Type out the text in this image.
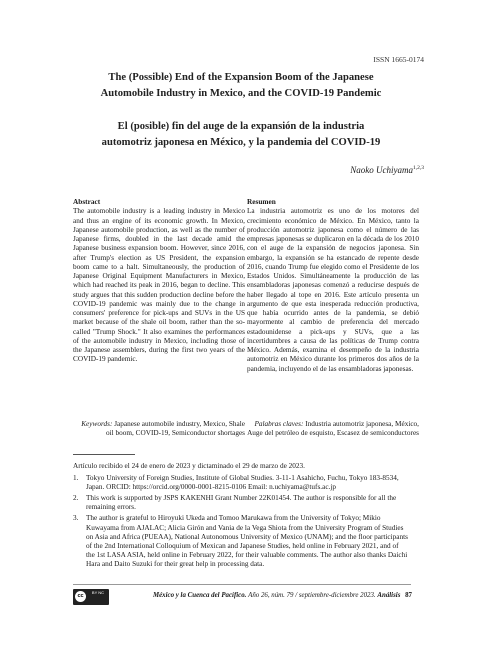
ISSN 1665-0174
The (Possible) End of the Expansion Boom of the Japanese
Automobile Industry in Mexico, and the COVID-19 Pandemic
El (posible) fin del auge de la expansión de la industria
automotriz japonesa en México, y la pandemia del COVID-19
Naoko Uchiyama$^{1,2,3}$
Abstract

The automobile industry is a leading industry in Mexico and thus an engine of its economic growth. In Mexico, Japanese automobile production, as well as the number of Japanese firms, doubled in the last decade amid the Japanese business expansion boom. However, since 2016, after Trump's election as US President, the expansion boom came to a halt. Simultaneously, the production of Japanese Original Equipment Manufacturers in Mexico, which had reached its peak in 2016, began to decline. This study argues that this sudden production decline before the COVID-19 pandemic was mainly due to the change in consumers' preference for pick-ups and SUVs in the US market because of the shale oil boom, rather than the so-called "Trump Shock." It also examines the performances of the automobile industry in Mexico, including those of the Japanese assemblers, during the first two years of the COVID-19 pandemic.

Resumen

La industria automotriz es uno de los motores del crecimiento económico de México. En México, tanto la producción automotriz japonesa como el número de las empresas japonesas se duplicaron en la década de los 2010 con el auge de la expansión de negocios japonesa. Sin embargo, la expansión se ha estancado de repente desde 2016, cuando Trump fue elegido como el Presidente de los Estados Unidos. Simultáneamente la producción de las ensambladoras japonesas comenzó a reducirse después de haber llegado al tope en 2016. Este artículo presenta un argumento de que esta inesperada reducción productiva, que había ocurrido antes de la pandemia, se debió mayormente al cambio de preferencia del mercado estadounidense a pick-ups y SUVs, que a las incertidumbres a causa de las políticas de Trump contra México. Además, examina el desempeño de la industria automotriz en México durante los primeros dos años de la pandemia, incluyendo el de las ensambladoras japonesas.

Keywords: Japanese automobile industry, Mexico, Shale oil boom, COVID-19, Semiconductor shortages
Palabras claves: Industria automotriz japonesa, México, Auge del petróleo de esquisto, Escasez de semiconductores
Artículo recibido el 24 de enero de 2023 y dictaminado el 29 de marzo de 2023.
1.	Tokyo University of Foreign Studies, Institute of Global Studies. 3-11-1 Asahicho, Fuchu, Tokyo 183-8534, Japan. ORCID: https://orcid.org/0000-0001-8215-0106 Email: n.uchiyama@tufs.ac.jp
2.	This work is supported by JSPS KAKENHI Grant Number 22K01454. The author is responsible for all the remaining errors.
3.	The author is grateful to Hiroyuki Ukeda and Tomoo Marukawa from the University of Tokyo; Mikio Kuwayama from AJALAC; Alicia Girón and Vania de la Vega Shiota from the University Program of Studies on Asia and Africa (PUEAA), National Autonomous University of Mexico (UNAM); and the floor participants of the 2nd International Colloquium of Mexican and Japanese Studies, held online in February 2021, and of the 1st LASA ASIA, held online in February 2022, for their valuable comments. The author also thanks Daichi Hara and Daito Suzuki for their great help in processing data.
cc
BY NC	México y la Cuenca del Pacífico. Año 26, núm. 79 / septiembre-diciembre 2023. Análisis 87
